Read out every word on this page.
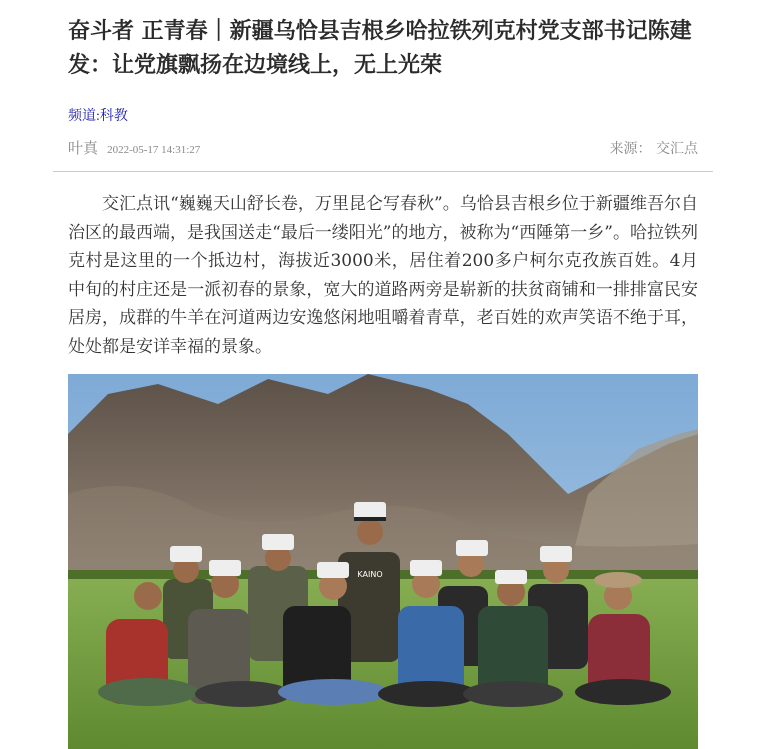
奋斗者 正青春｜新疆乌恰县吉根乡哈拉铁列克村党支部书记陈建发：让党旗飘扬在边境线上，无上光荣
频道:科教
叶真 2022-05-17 14:31:27	来源： 交汇点

交汇点讯“巍巍天山舒长卷，万里昆仑写春秋”。乌恰县吉根乡位于新疆维吾尔自治区的最西端，是我国送走“最后一缕阳光”的地方，被称为“西陲第一乡”。哈拉铁列克村是这里的一个抵边村，海拔近3000米，居住着200多户柯尔克孜族百姓。4月中旬的村庄还是一派初春的景象，宽大的道路两旁是崭新的扶贫商铺和一排排富民安居房，成群的牛羊在河道两边安逸悠闲地咀嚼着青草，老百姓的欢声笑语不绝于耳，处处都是安详幸福的景象。

KAINO
